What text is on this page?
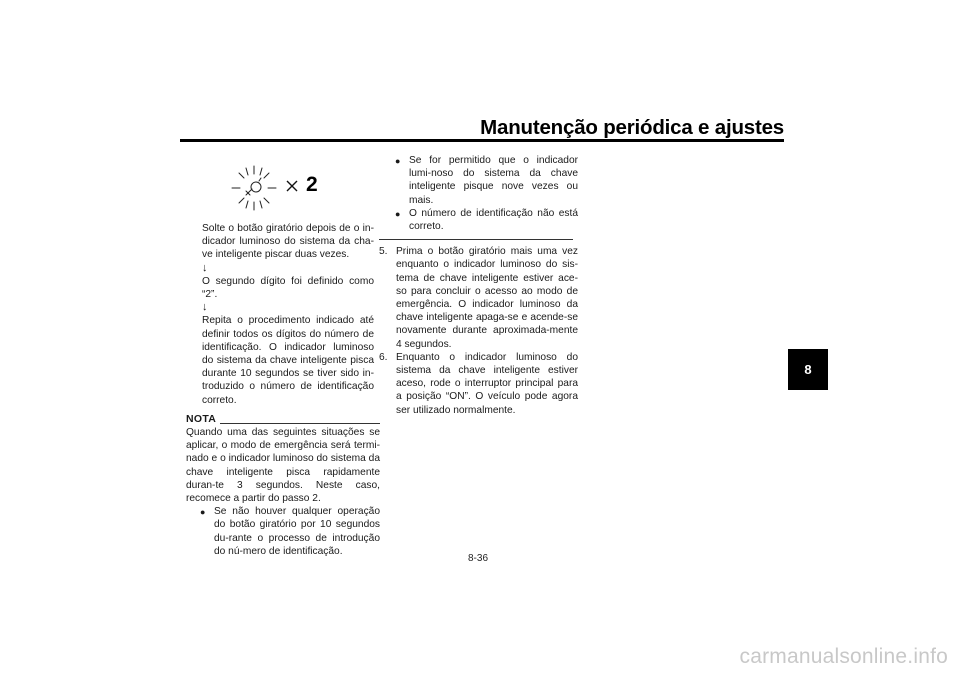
Manutenção periódica e ajustes
8
2

Solte o botão giratório depois de o in-dicador luminoso do sistema da cha-ve inteligente piscar duas vezes.

↓

O segundo dígito foi definido como “2”.

↓

Repita o procedimento indicado até definir todos os dígitos do número de identificação. O indicador luminoso do sistema da chave inteligente pisca durante 10 segundos se tiver sido in-troduzido o número de identificação correto.

NOTA

Quando uma das seguintes situações se aplicar, o modo de emergência será termi-nado e o indicador luminoso do sistema da chave inteligente pisca rapidamente duran-te 3 segundos. Neste caso, recomece a partir do passo 2.

● Se não houver qualquer operação do botão giratório por 10 segundos du-rante o processo de introdução do nú-mero de identificação.
● Se for permitido que o indicador lumi-noso do sistema da chave inteligente pisque nove vezes ou mais.
● O número de identificação não está correto.
5. Prima o botão giratório mais uma vez enquanto o indicador luminoso do sis-tema de chave inteligente estiver ace-so para concluir o acesso ao modo de emergência. O indicador luminoso da chave inteligente apaga-se e acende-se novamente durante aproximada-mente 4 segundos.
6. Enquanto o indicador luminoso do sistema da chave inteligente estiver aceso, rode o interruptor principal para a posição “ON”. O veículo pode agora ser utilizado normalmente.
8-36
carmanualsonline.info
